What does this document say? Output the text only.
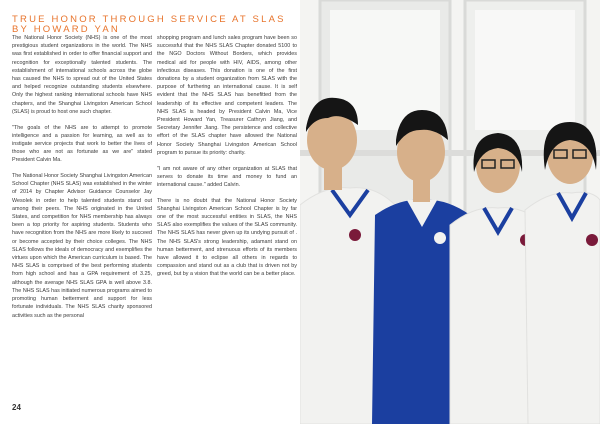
TRUE HONOR THROUGH SERVICE AT SLAS
BY HOWARD YAN

The National Honor Society (NHS) is one of the most prestigious student organizations in the world. The NHS was first established in order to offer financial support and recognition for exceptionally talented students. The establishment of international schools across the globe has caused the NHS to spread out of the United States and helped recognize outstanding students elsewhere. Only the highest ranking international schools have NHS chapters, and the Shanghai Livingston American School (SLAS) is proud to host one such chapter.

"The goals of the NHS are to attempt to promote intelligence and a passion for learning, as well as to instigate service projects that work to better the lives of those who are not as fortunate as we are" stated President Calvin Ma.

The National Honor Society Shanghai Livingston American School Chapter (NHS SLAS) was established in the winter of 2014 by Chapter Advisor Guidance Counselor Jay Wesolek in order to help talented students stand out among their peers. The NHS originated in the United States, and competition for NHS membership has always been a top priority for aspiring students. Students who have recognition from the NHS are more likely to succeed or become accepted by their choice colleges. The NHS SLAS follows the ideals of democracy and exemplifies the virtues upon which the American curriculum is based. The NHS SLAS is comprised of the best performing students from high school and has a GPA requirement of 3.25, although the average NHS SLAS GPA is well above 3.8. The NHS SLAS has initiated numerous programs aimed to promoting human betterment and support for less fortunate individuals. The NHS SLAS charity sponsored activities such as the personal

shopping program and lunch sales program have been so successful that the NHS SLAS Chapter donated 5100 to the NGO Doctors Without Borders, which provides medical aid for people with HIV, AIDS, among other infectious diseases. This donation is one of the first donations by a student organization from SLAS with the purpose of furthering an international cause. It is self evident that the NHS SLAS has benefitted from the leadership of its effective and competent leaders. The NHS SLAS is headed by President Calvin Ma, Vice President Howard Yan, Treasurer Cathryn Jiang, and Secretary Jennifer Jiang. The persistence and collective effort of the SLAS chapter have allowed the National Honor Society Shanghai Livingston American School program to pursue its priority: charity.

"I am not aware of any other organization at SLAS that serves to donate its time and money to fund an international cause." added Calvin.

There is no doubt that the National Honor Society Shanghai Livingston American School Chapter is by far one of the most successful entities in SLAS, the NHS SLAS also exemplifies the values of the SLAS community. The NHS SLAS has never given up its undying pursuit of . The NHS SLAS's strong leadership, adamant stand on human betterment, and strenuous efforts of its members have allowed it to eclipse all others in regards to compassion and stand out as a club that is driven not by greed, but by a vision that the world can be a better place.

24
